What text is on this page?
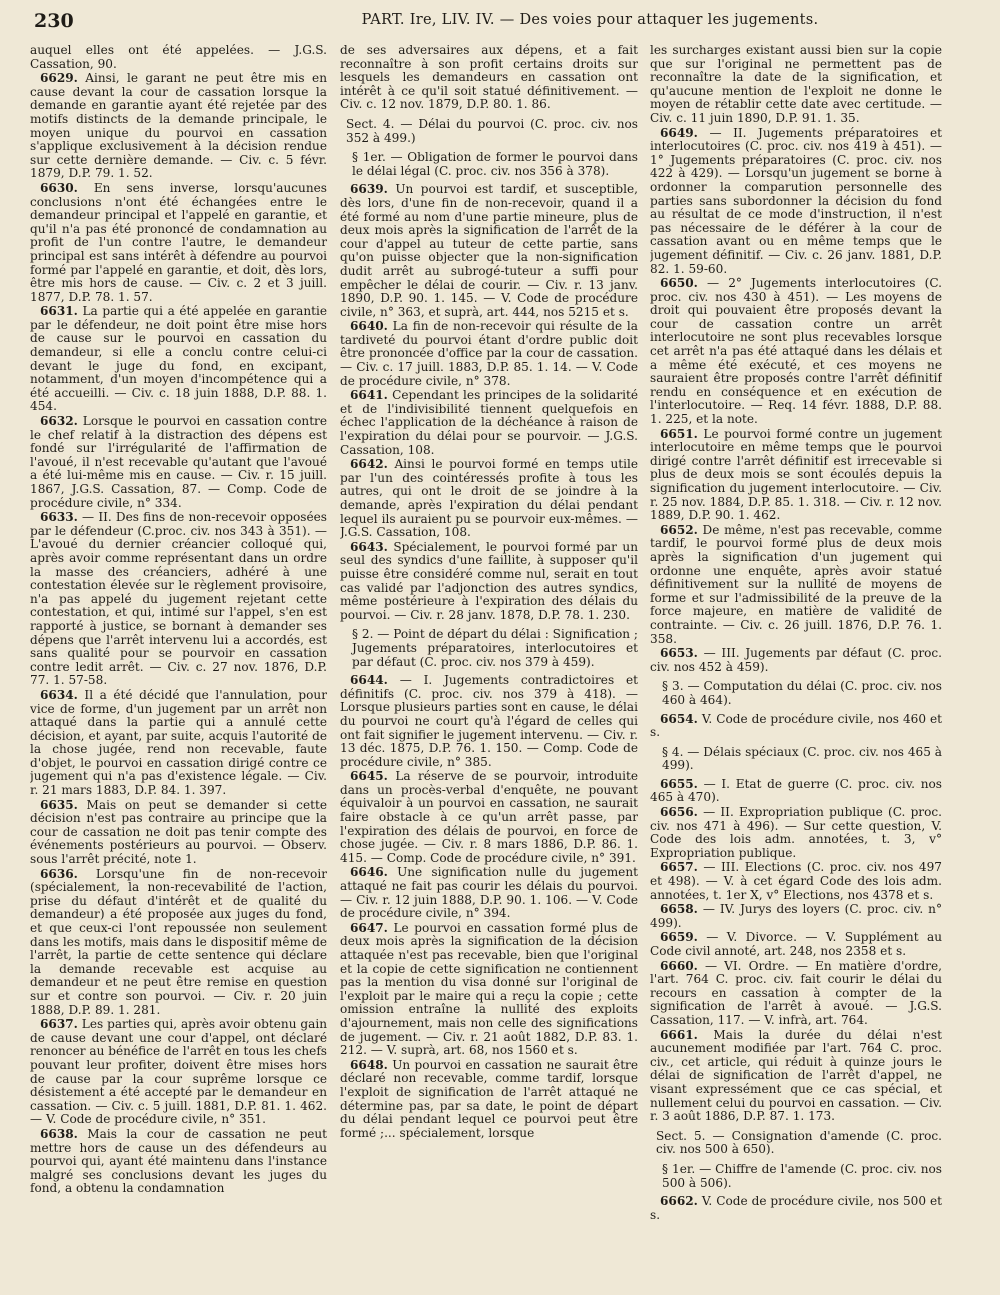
230	PART. Ire, LIV. IV. — Des voies pour attaquer les jugements.

auquel elles ont été appelées. — J.G.S. Cassation, 90.

6629. Ainsi, le garant ne peut être mis en cause devant la cour de cassation lorsque la demande en garantie ayant été rejetée par des motifs distincts de la demande principale, le moyen unique du pourvoi en cassation s'applique exclusivement à la décision rendue sur cette dernière demande. — Civ. c. 5 févr. 1879, D.P. 79. 1. 52.

6630. En sens inverse, lorsqu'aucunes conclusions n'ont été échangées entre le demandeur principal et l'appelé en garantie, et qu'il n'a pas été prononcé de condamnation au profit de l'un contre l'autre, le demandeur principal est sans intérêt à défendre au pourvoi formé par l'appelé en garantie, et doit, dès lors, être mis hors de cause. — Civ. c. 2 et 3 juill. 1877, D.P. 78. 1. 57.

6631. La partie qui a été appelée en garantie par le défendeur, ne doit point être mise hors de cause sur le pourvoi en cassation du demandeur, si elle a conclu contre celui-ci devant le juge du fond, en excipant, notamment, d'un moyen d'incompétence qui a été accueilli. — Civ. c. 18 juin 1888, D.P. 88. 1. 454.

6632. Lorsque le pourvoi en cassation contre le chef relatif à la distraction des dépens est fondé sur l'irrégularité de l'affirmation de l'avoué, il n'est recevable qu'autant que l'avoué a été lui-même mis en cause. — Civ. r. 15 juill. 1867, J.G.S. Cassation, 87. — Comp. Code de procédure civile, n° 334.

6633. — II. Des fins de non-recevoir opposées par le défendeur (C.proc. civ. nos 343 à 351). — L'avoué du dernier créancier colloqué qui, après avoir comme représentant dans un ordre la masse des créanciers, adhéré à une contestation élevée sur le règlement provisoire, n'a pas appelé du jugement rejetant cette contestation, et qui, intimé sur l'appel, s'en est rapporté à justice, se bornant à demander ses dépens que l'arrêt intervenu lui a accordés, est sans qualité pour se pourvoir en cassation contre ledit arrêt. — Civ. c. 27 nov. 1876, D.P. 77. 1. 57-58.

6634. Il a été décidé que l'annulation, pour vice de forme, d'un jugement par un arrêt non attaqué dans la partie qui a annulé cette décision, et ayant, par suite, acquis l'autorité de la chose jugée, rend non recevable, faute d'objet, le pourvoi en cassation dirigé contre ce jugement qui n'a pas d'existence légale. — Civ. r. 21 mars 1883, D.P. 84. 1. 397.

6635. Mais on peut se demander si cette décision n'est pas contraire au principe que la cour de cassation ne doit pas tenir compte des événements postérieurs au pourvoi. — Observ. sous l'arrêt précité, note 1.

6636. Lorsqu'une fin de non-recevoir (spécialement, la non-recevabilité de l'action, prise du défaut d'intérêt et de qualité du demandeur) a été proposée aux juges du fond, et que ceux-ci l'ont repoussée non seulement dans les motifs, mais dans le dispositif même de l'arrêt, la partie de cette sentence qui déclare la demande recevable est acquise au demandeur et ne peut être remise en question sur et contre son pourvoi. — Civ. r. 20 juin 1888, D.P. 89. 1. 281.

6637. Les parties qui, après avoir obtenu gain de cause devant une cour d'appel, ont déclaré renoncer au bénéfice de l'arrêt en tous les chefs pouvant leur profiter, doivent être mises hors de cause par la cour suprême lorsque ce désistement a été accepté par le demandeur en cassation. — Civ. c. 5 juill. 1881, D.P. 81. 1. 462. — V. Code de procédure civile, n° 351.

6638. Mais la cour de cassation ne peut mettre hors de cause un des défendeurs au pourvoi qui, ayant été maintenu dans l'instance malgré ses conclusions devant les juges du fond, a obtenu la condamnation

de ses adversaires aux dépens, et a fait reconnaître à son profit certains droits sur lesquels les demandeurs en cassation ont intérêt à ce qu'il soit statué définitivement. — Civ. c. 12 nov. 1879, D.P. 80. 1. 86.

Sect. 4. — Délai du pourvoi (C. proc. civ. nos 352 à 499.)

§ 1er. — Obligation de former le pourvoi dans le délai légal (C. proc. civ. nos 356 à 378).

6639. Un pourvoi est tardif, et susceptible, dès lors, d'une fin de non-recevoir, quand il a été formé au nom d'une partie mineure, plus de deux mois après la signification de l'arrêt de la cour d'appel au tuteur de cette partie, sans qu'on puisse objecter que la non-signification dudit arrêt au subrogé-tuteur a suffi pour empêcher le délai de courir. — Civ. r. 13 janv. 1890, D.P. 90. 1. 145. — V. Code de procédure civile, n° 363, et suprà, art. 444, nos 5215 et s.

6640. La fin de non-recevoir qui résulte de la tardiveté du pourvoi étant d'ordre public doit être prononcée d'office par la cour de cassation. — Civ. c. 17 juill. 1883, D.P. 85. 1. 14. — V. Code de procédure civile, n° 378.

6641. Cependant les principes de la solidarité et de l'indivisibilité tiennent quelquefois en échec l'application de la déchéance à raison de l'expiration du délai pour se pourvoir. — J.G.S. Cassation, 108.

6642. Ainsi le pourvoi formé en temps utile par l'un des cointéressés profite à tous les autres, qui ont le droit de se joindre à la demande, après l'expiration du délai pendant lequel ils auraient pu se pourvoir eux-mêmes. — J.G.S. Cassation, 108.

6643. Spécialement, le pourvoi formé par un seul des syndics d'une faillite, à supposer qu'il puisse être considéré comme nul, serait en tout cas validé par l'adjonction des autres syndics, même postérieure à l'expiration des délais du pourvoi. — Civ. r. 28 janv. 1878, D.P. 78. 1. 230.

§ 2. — Point de départ du délai : Signification ; Jugements préparatoires, interlocutoires et par défaut (C. proc. civ. nos 379 à 459).

6644. — I. Jugements contradictoires et définitifs (C. proc. civ. nos 379 à 418). — Lorsque plusieurs parties sont en cause, le délai du pourvoi ne court qu'à l'égard de celles qui ont fait signifier le jugement intervenu. — Civ. r. 13 déc. 1875, D.P. 76. 1. 150. — Comp. Code de procédure civile, n° 385.

6645. La réserve de se pourvoir, introduite dans un procès-verbal d'enquête, ne pouvant équivaloir à un pourvoi en cassation, ne saurait faire obstacle à ce qu'un arrêt passe, par l'expiration des délais de pourvoi, en force de chose jugée. — Civ. r. 8 mars 1886, D.P. 86. 1. 415. — Comp. Code de procédure civile, n° 391.

6646. Une signification nulle du jugement attaqué ne fait pas courir les délais du pourvoi. — Civ. r. 12 juin 1888, D.P. 90. 1. 106. — V. Code de procédure civile, n° 394.

6647. Le pourvoi en cassation formé plus de deux mois après la signification de la décision attaquée n'est pas recevable, bien que l'original et la copie de cette signification ne contiennent pas la mention du visa donné sur l'original de l'exploit par le maire qui a reçu la copie ; cette omission entraîne la nullité des exploits d'ajournement, mais non celle des significations de jugement. — Civ. r. 21 août 1882, D.P. 83. 1. 212. — V. suprà, art. 68, nos 1560 et s.

6648. Un pourvoi en cassation ne saurait être déclaré non recevable, comme tardif, lorsque l'exploit de signification de l'arrêt attaqué ne détermine pas, par sa date, le point de départ du délai pendant lequel ce pourvoi peut être formé ;... spécialement, lorsque

les surcharges existant aussi bien sur la copie que sur l'original ne permettent pas de reconnaître la date de la signification, et qu'aucune mention de l'exploit ne donne le moyen de rétablir cette date avec certitude. — Civ. c. 11 juin 1890, D.P. 91. 1. 35.

6649. — II. Jugements préparatoires et interlocutoires (C. proc. civ. nos 419 à 451). — 1° Jugements préparatoires (C. proc. civ. nos 422 à 429). — Lorsqu'un jugement se borne à ordonner la comparution personnelle des parties sans subordonner la décision du fond au résultat de ce mode d'instruction, il n'est pas nécessaire de le déférer à la cour de cassation avant ou en même temps que le jugement définitif. — Civ. c. 26 janv. 1881, D.P. 82. 1. 59-60.

6650. — 2° Jugements interlocutoires (C. proc. civ. nos 430 à 451). — Les moyens de droit qui pouvaient être proposés devant la cour de cassation contre un arrêt interlocutoire ne sont plus recevables lorsque cet arrêt n'a pas été attaqué dans les délais et a même été exécuté, et ces moyens ne sauraient être proposés contre l'arrêt définitif rendu en conséquence et en exécution de l'interlocutoire. — Req. 14 févr. 1888, D.P. 88. 1. 225, et la note.

6651. Le pourvoi formé contre un jugement interlocutoire en même temps que le pourvoi dirigé contre l'arrêt définitif est irrecevable si plus de deux mois se sont écoulés depuis la signification du jugement interlocutoire. — Civ. r. 25 nov. 1884, D.P. 85. 1. 318. — Civ. r. 12 nov. 1889, D.P. 90. 1. 462.

6652. De même, n'est pas recevable, comme tardif, le pourvoi formé plus de deux mois après la signification d'un jugement qui ordonne une enquête, après avoir statué définitivement sur la nullité de moyens de forme et sur l'admissibilité de la preuve de la force majeure, en matière de validité de contrainte. — Civ. c. 26 juill. 1876, D.P. 76. 1. 358.

6653. — III. Jugements par défaut (C. proc. civ. nos 452 à 459).

§ 3. — Computation du délai (C. proc. civ. nos 460 à 464).

6654. V. Code de procédure civile, nos 460 et s.

§ 4. — Délais spéciaux (C. proc. civ. nos 465 à 499).

6655. — I. Etat de guerre (C. proc. civ. nos 465 à 470).

6656. — II. Expropriation publique (C. proc. civ. nos 471 à 496). — Sur cette question, V. Code des lois adm. annotées, t. 3, v° Expropriation publique.

6657. — III. Elections (C. proc. civ. nos 497 et 498). — V. à cet égard Code des lois adm. annotées, t. 1er X, v° Elections, nos 4378 et s.

6658. — IV. Jurys des loyers (C. proc. civ. n° 499).

6659. — V. Divorce. — V. Supplément au Code civil annoté, art. 248, nos 2358 et s.

6660. — VI. Ordre. — En matière d'ordre, l'art. 764 C. proc. civ. fait courir le délai du recours en cassation à compter de la signification de l'arrêt à avoué. — J.G.S. Cassation, 117. — V. infrà, art. 764.

6661. Mais la durée du délai n'est aucunement modifiée par l'art. 764 C. proc. civ., cet article, qui réduit à quinze jours le délai de signification de l'arrêt d'appel, ne visant expressément que ce cas spécial, et nullement celui du pourvoi en cassation. — Civ. r. 3 août 1886, D.P. 87. 1. 173.

Sect. 5. — Consignation d'amende (C. proc. civ. nos 500 à 650).

§ 1er. — Chiffre de l'amende (C. proc. civ. nos 500 à 506).

6662. V. Code de procédure civile, nos 500 et s.
